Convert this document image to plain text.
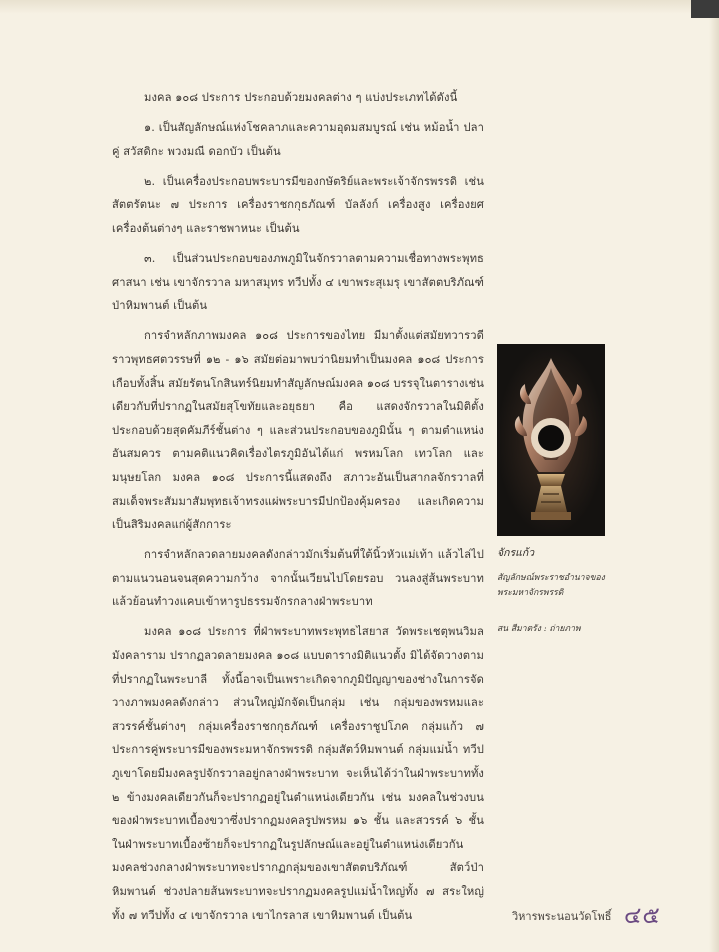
มงคล ๑๐๘ ประการ ประกอบด้วยมงคลต่าง ๆ แบ่งประเภทได้ดังนี้

๑. เป็นสัญลักษณ์แห่งโชคลาภและความอุดมสมบูรณ์ เช่น หม้อน้ำ ปลาคู่ สวัสดิกะ พวงมณี ดอกบัว เป็นต้น

๒. เป็นเครื่องประกอบพระบารมีของกษัตริย์และพระเจ้าจักรพรรดิ เช่น สัตตรัตนะ ๗ ประการ เครื่องราชกกุธภัณฑ์ บัลลังก์ เครื่องสูง เครื่องยศ เครื่องต้นต่างๆ และราชพาหนะ เป็นต้น

๓. เป็นส่วนประกอบของภพภูมิในจักรวาลตามความเชื่อทางพระพุทธศาสนา เช่น เขาจักรวาล มหาสมุทร ทวีปทั้ง ๔ เขาพระสุเมรุ เขาสัตตบริภัณฑ์ ป่าหิมพานต์ เป็นต้น

การจำหลักภาพมงคล ๑๐๘ ประการของไทย มีมาตั้งแต่สมัยทวารวดี ราวพุทธศตวรรษที่ ๑๒ - ๑๖ สมัยต่อมาพบว่านิยมทำเป็นมงคล ๑๐๘ ประการเกือบทั้งสิ้น สมัยรัตนโกสินทร์นิยมทำสัญลักษณ์มงคล ๑๐๘ บรรจุในตารางเช่นเดียวกับที่ปรากฏในสมัยสุโขทัยและอยุธยา คือ แสดงจักรวาลในมิติตั้งประกอบด้วยสุดคัมภีร์ชั้นต่าง ๆ และส่วนประกอบของภูมินั้น ๆ ตามตำแหน่งอันสมควร ตามคติแนวคิดเรื่องไตรภูมิอันได้แก่ พรหมโลก เทวโลก และมนุษยโลก มงคล ๑๐๘ ประการนี้แสดงถึง สภาวะอันเป็นสากลจักรวาลที่สมเด็จพระสัมมาสัมพุทธเจ้าทรงแผ่พระบารมีปกป้องคุ้มครอง และเกิดความเป็นสิริมงคลแก่ผู้สักการะ

การจำหลักลวดลายมงคลดังกล่าวมักเริ่มต้นที่ใต้นิ้วหัวแม่เท้า แล้วไล่ไปตามแนวนอนจนสุดความกว้าง จากนั้นเวียนไปโดยรอบ วนลงสู่ส้นพระบาท แล้วย้อนทำวงแคบเข้าหารูปธรรมจักรกลางฝ่าพระบาท

มงคล ๑๐๘ ประการ ที่ฝ่าพระบาทพระพุทธไสยาส วัดพระเชตุพนวิมลมังคลาราม ปรากฏลวดลายมงคล ๑๐๘ แบบตารางมิติแนวตั้ง มิได้จัดวางตามที่ปรากฏในพระบาลี ทั้งนี้อาจเป็นเพราะเกิดจากภูมิปัญญาของช่างในการจัดวางภาพมงคลดังกล่าว ส่วนใหญ่มักจัดเป็นกลุ่ม เช่น กลุ่มของพรหมและสวรรค์ชั้นต่างๆ กลุ่มเครื่องราชกกุธภัณฑ์ เครื่องราชูปโภค กลุ่มแก้ว ๗ ประการคู่พระบารมีของพระมหาจักรพรรดิ กลุ่มสัตว์หิมพานต์ กลุ่มแม่น้ำ ทวีป ภูเขาโดยมีมงคลรูปจักรวาลอยู่กลางฝ่าพระบาท จะเห็นได้ว่าในฝ่าพระบาททั้ง ๒ ข้างมงคลเดียวกันก็จะปรากฏอยู่ในตำแหน่งเดียวกัน เช่น มงคลในช่วงบนของฝ่าพระบาทเบื้องขวาซึ่งปรากฏมงคลรูปพรหม ๑๖ ชั้น และสวรรค์ ๖ ชั้น ในฝ่าพระบาทเบื้องซ้ายก็จะปรากฏในรูปลักษณ์และอยู่ในตำแหน่งเดียวกัน มงคลช่วงกลางฝ่าพระบาทจะปรากฏกลุ่มของเขาสัตตบริภัณฑ์ สัตว์ป่าหิมพานต์ ช่วงปลายส้นพระบาทจะปรากฏมงคลรูปแม่น้ำใหญ่ทั้ง ๗ สระใหญ่ทั้ง ๗ ทวีปทั้ง ๔ เขาจักรวาล เขาไกรลาส เขาหิมพานต์ เป็นต้น

จักรแก้ว
สัญลักษณ์พระราชอำนาจของพระมหาจักรพรรดิ
สน สีมาตรัง : ถ่ายภาพ
วิหารพระนอนวัดโพธิ์ ๔๕
